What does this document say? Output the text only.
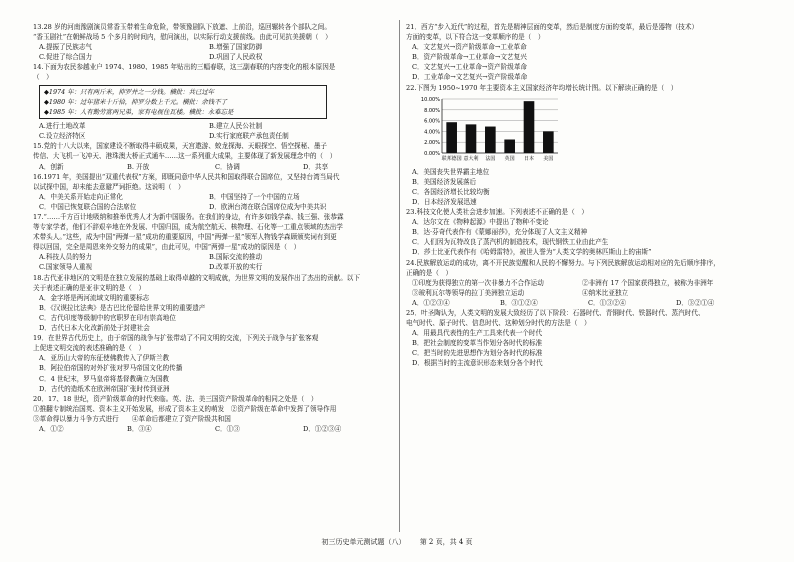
13.28 岁的河南豫剧演员常香玉带着生命危险，带领豫剧队下放遮、上前沿，巡回辗转各个部队之间。
“香玉剧社”在朝鲜战场 5 个多月的时间内，慰问演出，以实际行动支援前线。由此可见抗美援朝（　）
A.提振了民族志气	B.增强了国家防御
C.促进了综合国力	D.巩固了人民政权
14.下面为农民参越业户 1974、1980、1985 年贴出的三幅春联，这三副春联的内容变化的根本原因是
（　）
◆1974 年：只有两斤米，抑罗并之一分钱。横批：共已过年
◆1980 年：过年猪米十斤拾，抑罗分数上千元。横批：余钱不了
◆1985 年：人有勤劳富两兄弟，家有电视住瓦楼。横批：永难忘是
A.进行土地改革	B.建立人民公社制
C.设立经济特区	D.实行家庭联产承包责任制
15.党的十八大以来，国家建设不断取得丰硕成果，天宫遨游、蛟龙探海、天眼探空、悟空探秘、墨子
传信、大飞机一飞冲天、港珠澳大桥正式通车……这一系列重大成果，主要体现了新发展理念中的（　）
A．创新	B. 开放	C．协调	D．共享
16.1971 年，美国提出“双重代表权”方案，即既同意中华人民共和国取得联合国席位，又坚持台湾当局代
以试探中国，却未能去意避严词拒绝。这说明（　）
A．中美关系开始走向正常化	B．中国坚持了一个中国的立场
C．中国已恢复联合国的合法席位	D．欧洲台湾在联合国席位成为中美共识
17.“……千方百计地吸纳和推举优秀人才为新中国服务。在我们的身边，有许多如钱学森、钱三强、张恭霖
等专家学者，他们不辞艰辛地在外发展、中国归国，成为航空航天、核物理、石化等一工重点领域的杰出学
术带头人。”这些，成为中国“两弹一星”成功的重要原因，中国“两弹一星”领军人物钱学森顾颁奖词有到更
得以回国，完全是周恩来外交努力的成果”，由此可见，中国“两弹一星”成功的原因是（　）
A.科技人员的努力	B.国际交流的推动
C.国家领导人重视	D.改革开放的实行
18.古代亚非地区的文明是在独立发展的基础上取得卓越的文明成就，为世界文明的发展作出了杰出的贡献。以下
关于表述正确的是亚非文明的是（　）
A．金字塔是两河流域文明的重要标志
B．《汉谟拉比法典》是古巴比伦留给世界文明的重要遗产
C．古代印度等级制中的官职罗在印有崇高地位
D．古代日本大化改新前处于封建社会
19．在世界古代历史上，由于帝国的战争与扩张带动了不同文明的交流，下列关于战争与扩张客观
上促进文明交流的表述准确的是（　）
A．亚历山大帝的东征使佛教传入了伊斯兰教
B．阿拉伯帝国的对外扩张对罗马帝国文化的传播
C．4 世纪末，罗马皇帝将基督教确立为国教
D．古代的造纸术在欧洲帝国扩张时传到亚洲
20．17、18 世纪，资产阶级革命的时代来临。英、法、美三国资产阶级革命的相同之处是（　）
①推翻专制统治国英、资本主义开始发展，形成了资本主义的萌发　②资产阶级在革命中发挥了领导作用
③革命得以暴力斗争方式进行　　④革命后都建立了资产阶级共和国
A．①②	B．③④	C．①③	D．①②③④
21．西方“步入近代”的过程，首先是精神层面的变革，然后是制度方面的变革，最后是器物（技术）
方面的变革，以下符合这一变革顺序的是（　）
A．文艺复兴→资产阶级革命→工业革命
B．资产阶级革命→工业革命→文艺复兴
C．文艺复兴→工业革命→资产阶级革命
D．工业革命→文艺复兴→资产阶级革命
22.下图为 1950~1970 年主要资本主义国家经济年均增长统计图。以下解读正确的是（　）
10.00%
8.00%
6.00%
4.00%
2.00%
0.00%
联邦德国 意大利 法国 英国 日本 美国
A．美国丧失世界霸主地位
B．美国经济发展落后
C．各国经济增长比较均衡
D．日本经济发展迅速
23.科技文化使人类社会进步加速。下列表述不正确的是（　）
A．达尔文在《物种起源》中提出了物种不变论
B．达·芬奇代表作有《蒙娜丽莎》，充分体现了人文主义精神
C．人们因为瓦特改良了蒸汽机的制造技术，现代钢铁工业由此产生
D．莎士比亚代表作有《哈姆雷特》，被世人誉为“人类文学的奥林匹斯山上的宙斯”
24.民族解放运动的成功，离不开民族觉醒和人民的不懈努力。与下列民族解放运动相对应的先后顺序排序，
正确的是（　）
①印度为获得独立的第一次非暴力不合作运动	②非洲有 17 个国家获得独立，被称为非洲年
③玻利瓦尔等领导的拉丁美洲独立运动	④纳米比亚独立
A．①②③④	B．③①②④	C．①③②④	D．③②①④
25．叶圣陶认为，人类文明的发展大致经历了以下阶段：石器时代、青铜时代、铁器时代、蒸汽时代、
电气时代、原子时代、信息时代、这种划分时代的方法是（　）
A．用最具代表性的生产工具来代表一个时代
B．把社会制度的变革当作划分各时代的标准
C．把当时的先进思想作为划分各时代的标准
D．根据当时的主流意识形态来划分各个时代
初三历史单元测试题（八） 第 2 页，共 4 页
